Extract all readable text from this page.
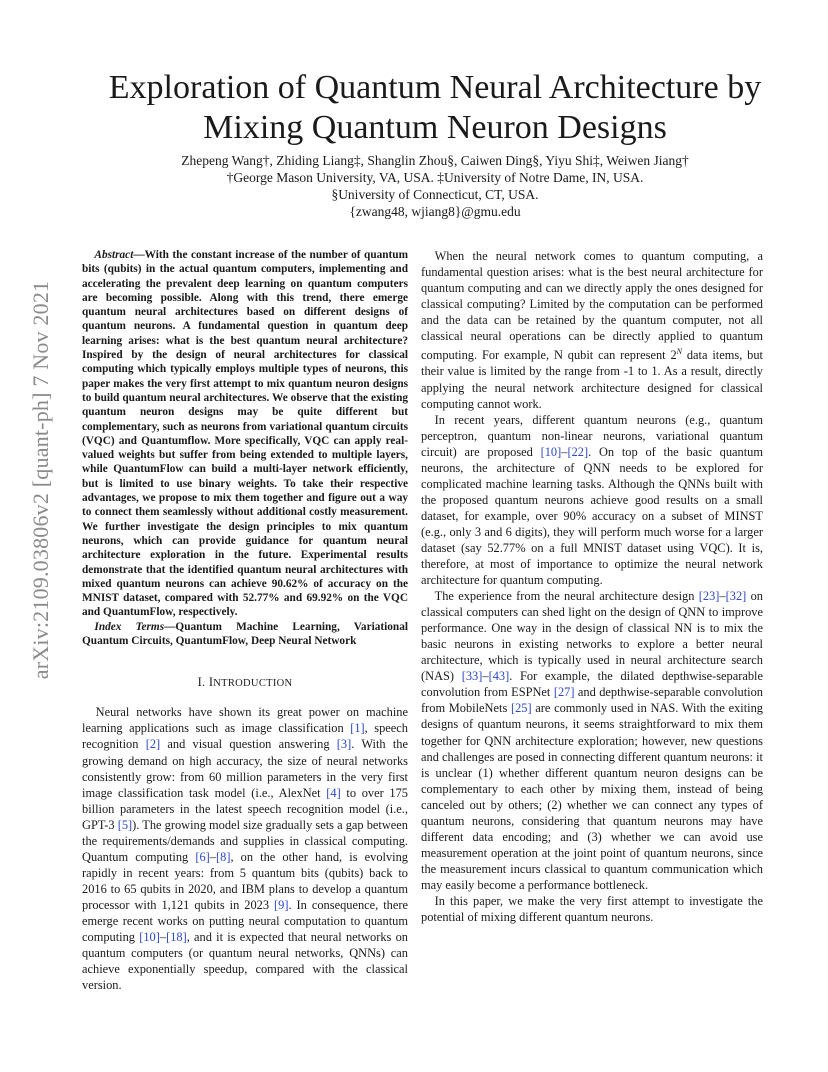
arXiv:2109.03806v2 [quant-ph] 7 Nov 2021
Exploration of Quantum Neural Architecture by Mixing Quantum Neuron Designs
Zhepeng Wang†, Zhiding Liang‡, Shanglin Zhou§, Caiwen Ding§, Yiyu Shi‡, Weiwen Jiang†
†George Mason University, VA, USA. ‡University of Notre Dame, IN, USA.
§University of Connecticut, CT, USA.
{zwang48, wjiang8}@gmu.edu

Abstract—With the constant increase of the number of quantum bits (qubits) in the actual quantum computers, implementing and accelerating the prevalent deep learning on quantum computers are becoming possible. Along with this trend, there emerge quantum neural architectures based on different designs of quantum neurons. A fundamental question in quantum deep learning arises: what is the best quantum neural architecture? Inspired by the design of neural architectures for classical computing which typically employs multiple types of neurons, this paper makes the very first attempt to mix quantum neuron designs to build quantum neural architectures. We observe that the existing quantum neuron designs may be quite different but complementary, such as neurons from variational quantum circuits (VQC) and Quantumflow. More specifically, VQC can apply real-valued weights but suffer from being extended to multiple layers, while QuantumFlow can build a multi-layer network efficiently, but is limited to use binary weights. To take their respective advantages, we propose to mix them together and figure out a way to connect them seamlessly without additional costly measurement. We further investigate the design principles to mix quantum neurons, which can provide guidance for quantum neural architecture exploration in the future. Experimental results demonstrate that the identified quantum neural architectures with mixed quantum neurons can achieve 90.62% of accuracy on the MNIST dataset, compared with 52.77% and 69.92% on the VQC and QuantumFlow, respectively.

Index Terms—Quantum Machine Learning, Variational Quantum Circuits, QuantumFlow, Deep Neural Network

I. INTRODUCTION

Neural networks have shown its great power on machine learning applications such as image classification [1], speech recognition [2] and visual question answering [3]. With the growing demand on high accuracy, the size of neural networks consistently grow: from 60 million parameters in the very first image classification task model (i.e., AlexNet [4] to over 175 billion parameters in the latest speech recognition model (i.e., GPT-3 [5]). The growing model size gradually sets a gap between the requirements/demands and supplies in classical computing. Quantum computing [6]–[8], on the other hand, is evolving rapidly in recent years: from 5 quantum bits (qubits) back to 2016 to 65 qubits in 2020, and IBM plans to develop a quantum processor with 1,121 qubits in 2023 [9]. In consequence, there emerge recent works on putting neural computation to quantum computing [10]–[18], and it is expected that neural networks on quantum computers (or quantum neural networks, QNNs) can achieve exponentially speedup, compared with the classical version.

When the neural network comes to quantum computing, a fundamental question arises: what is the best neural architecture for quantum computing and can we directly apply the ones designed for classical computing? Limited by the computation can be performed and the data can be retained by the quantum computer, not all classical neural operations can be directly applied to quantum computing. For example, N qubit can represent $2^N$ data items, but their value is limited by the range from -1 to 1. As a result, directly applying the neural network architecture designed for classical computing cannot work.

In recent years, different quantum neurons (e.g., quantum perceptron, quantum non-linear neurons, variational quantum circuit) are proposed [10]–[22]. On top of the basic quantum neurons, the architecture of QNN needs to be explored for complicated machine learning tasks. Although the QNNs built with the proposed quantum neurons achieve good results on a small dataset, for example, over 90% accuracy on a subset of MINST (e.g., only 3 and 6 digits), they will perform much worse for a larger dataset (say 52.77% on a full MNIST dataset using VQC). It is, therefore, at most of importance to optimize the neural network architecture for quantum computing.

The experience from the neural architecture design [23]–[32] on classical computers can shed light on the design of QNN to improve performance. One way in the design of classical NN is to mix the basic neurons in existing networks to explore a better neural architecture, which is typically used in neural architecture search (NAS) [33]–[43]. For example, the dilated depthwise-separable convolution from ESPNet [27] and depthwise-separable convolution from MobileNets [25] are commonly used in NAS. With the exiting designs of quantum neurons, it seems straightforward to mix them together for QNN architecture exploration; however, new questions and challenges are posed in connecting different quantum neurons: it is unclear (1) whether different quantum neuron designs can be complementary to each other by mixing them, instead of being canceled out by others; (2) whether we can connect any types of quantum neurons, considering that quantum neurons may have different data encoding; and (3) whether we can avoid use measurement operation at the joint point of quantum neurons, since the measurement incurs classical to quantum communication which may easily become a performance bottleneck.

In this paper, we make the very first attempt to investigate the potential of mixing different quantum neurons.
